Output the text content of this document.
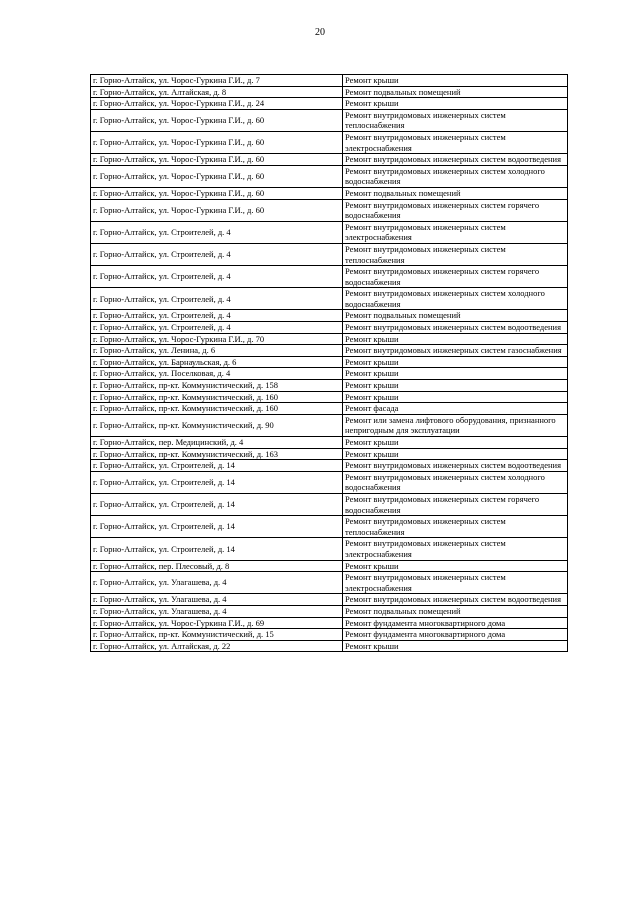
20
г. Горно-Алтайск, ул. Чорос-Гуркина Г.И., д. 7	Ремонт крыши
г. Горно-Алтайск, ул. Алтайская, д. 8	Ремонт подвальных помещений
г. Горно-Алтайск, ул. Чорос-Гуркина Г.И., д. 24	Ремонт крыши
г. Горно-Алтайск, ул. Чорос-Гуркина Г.И., д. 60	Ремонт внутридомовых инженерных систем теплоснабжения
г. Горно-Алтайск, ул. Чорос-Гуркина Г.И., д. 60	Ремонт внутридомовых инженерных систем электроснабжения
г. Горно-Алтайск, ул. Чорос-Гуркина Г.И., д. 60	Ремонт внутридомовых инженерных систем водоотведения
г. Горно-Алтайск, ул. Чорос-Гуркина Г.И., д. 60	Ремонт внутридомовых инженерных систем холодного водоснабжения
г. Горно-Алтайск, ул. Чорос-Гуркина Г.И., д. 60	Ремонт подвальных помещений
г. Горно-Алтайск, ул. Чорос-Гуркина Г.И., д. 60	Ремонт внутридомовых инженерных систем горячего водоснабжения
г. Горно-Алтайск, ул. Строителей, д. 4	Ремонт внутридомовых инженерных систем электроснабжения
г. Горно-Алтайск, ул. Строителей, д. 4	Ремонт внутридомовых инженерных систем теплоснабжения
г. Горно-Алтайск, ул. Строителей, д. 4	Ремонт внутридомовых инженерных систем горячего водоснабжения
г. Горно-Алтайск, ул. Строителей, д. 4	Ремонт внутридомовых инженерных систем холодного водоснабжения
г. Горно-Алтайск, ул. Строителей, д. 4	Ремонт подвальных помещений
г. Горно-Алтайск, ул. Строителей, д. 4	Ремонт внутридомовых инженерных систем водоотведения
г. Горно-Алтайск, ул. Чорос-Гуркина Г.И., д. 70	Ремонт крыши
г. Горно-Алтайск, ул. Ленина, д. 6	Ремонт внутридомовых инженерных систем газоснабжения
г. Горно-Алтайск, ул. Барнаульская, д. 6	Ремонт крыши
г. Горно-Алтайск, ул. Поселковая, д. 4	Ремонт крыши
г. Горно-Алтайск, пр-кт. Коммунистический, д. 158	Ремонт крыши
г. Горно-Алтайск, пр-кт. Коммунистический, д. 160	Ремонт крыши
г. Горно-Алтайск, пр-кт. Коммунистический, д. 160	Ремонт фасада
г. Горно-Алтайск, пр-кт. Коммунистический, д. 90	Ремонт или замена лифтового оборудования, признанного непригодным для эксплуатации
г. Горно-Алтайск, пер. Медицинский, д. 4	Ремонт крыши
г. Горно-Алтайск, пр-кт. Коммунистический, д. 163	Ремонт крыши
г. Горно-Алтайск, ул. Строителей, д. 14	Ремонт внутридомовых инженерных систем водоотведения
г. Горно-Алтайск, ул. Строителей, д. 14	Ремонт внутридомовых инженерных систем холодного водоснабжения
г. Горно-Алтайск, ул. Строителей, д. 14	Ремонт внутридомовых инженерных систем горячего водоснабжения
г. Горно-Алтайск, ул. Строителей, д. 14	Ремонт внутридомовых инженерных систем теплоснабжения
г. Горно-Алтайск, ул. Строителей, д. 14	Ремонт внутридомовых инженерных систем электроснабжения
г. Горно-Алтайск, пер. Плесовый, д. 8	Ремонт крыши
г. Горно-Алтайск, ул. Улагашева, д. 4	Ремонт внутридомовых инженерных систем электроснабжения
г. Горно-Алтайск, ул. Улагашева, д. 4	Ремонт внутридомовых инженерных систем водоотведения
г. Горно-Алтайск, ул. Улагашева, д. 4	Ремонт подвальных помещений
г. Горно-Алтайск, ул. Чорос-Гуркина Г.И., д. 69	Ремонт фундамента многоквартирного дома
г. Горно-Алтайск, пр-кт. Коммунистический, д. 15	Ремонт фундамента многоквартирного дома
г. Горно-Алтайск, ул. Алтайская, д. 22	Ремонт крыши
